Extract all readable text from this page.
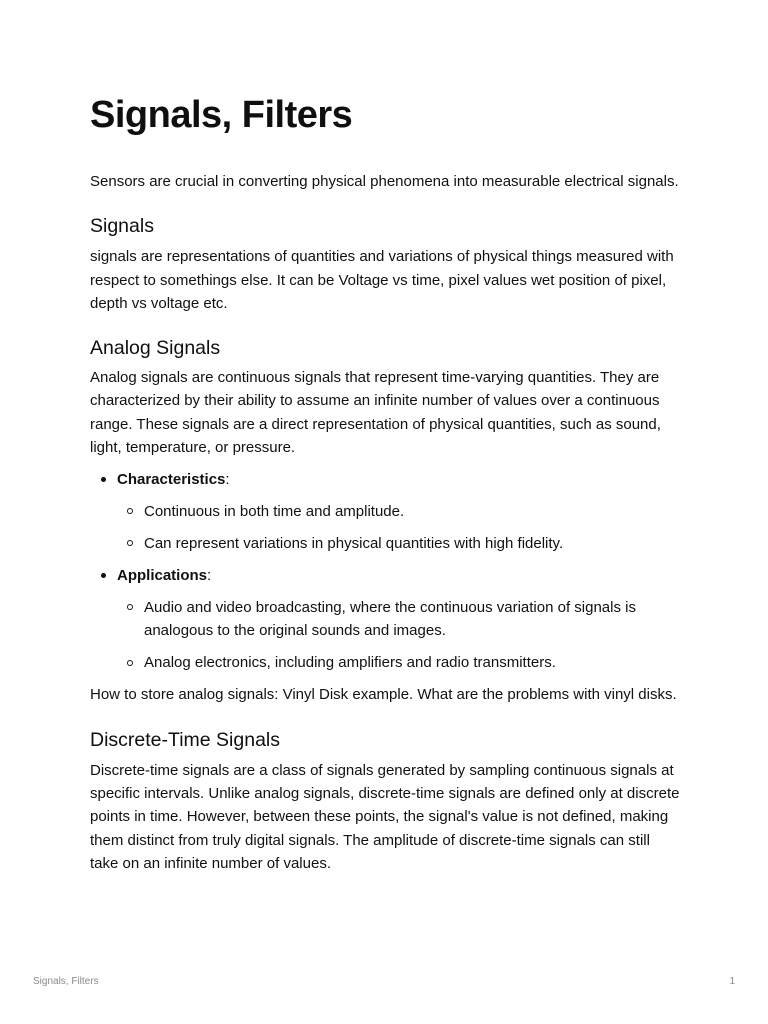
Signals, Filters

Sensors are crucial in converting physical phenomena into measurable electrical signals.

Signals

signals are representations of quantities and variations of physical things measured with respect to somethings else. It can be Voltage vs time, pixel values wet position of pixel, depth vs voltage etc.

Analog Signals

Analog signals are continuous signals that represent time-varying quantities. They are characterized by their ability to assume an infinite number of values over a continuous range. These signals are a direct representation of physical quantities, such as sound, light, temperature, or pressure.

Characteristics:
Continuous in both time and amplitude.
Can represent variations in physical quantities with high fidelity.
Applications:
Audio and video broadcasting, where the continuous variation of signals is analogous to the original sounds and images.
Analog electronics, including amplifiers and radio transmitters.

How to store analog signals: Vinyl Disk example. What are the problems with vinyl disks.

Discrete-Time Signals

Discrete-time signals are a class of signals generated by sampling continuous signals at specific intervals. Unlike analog signals, discrete-time signals are defined only at discrete points in time. However, between these points, the signal's value is not defined, making them distinct from truly digital signals. The amplitude of discrete-time signals can still take on an infinite number of values.

Signals, Filters	1
